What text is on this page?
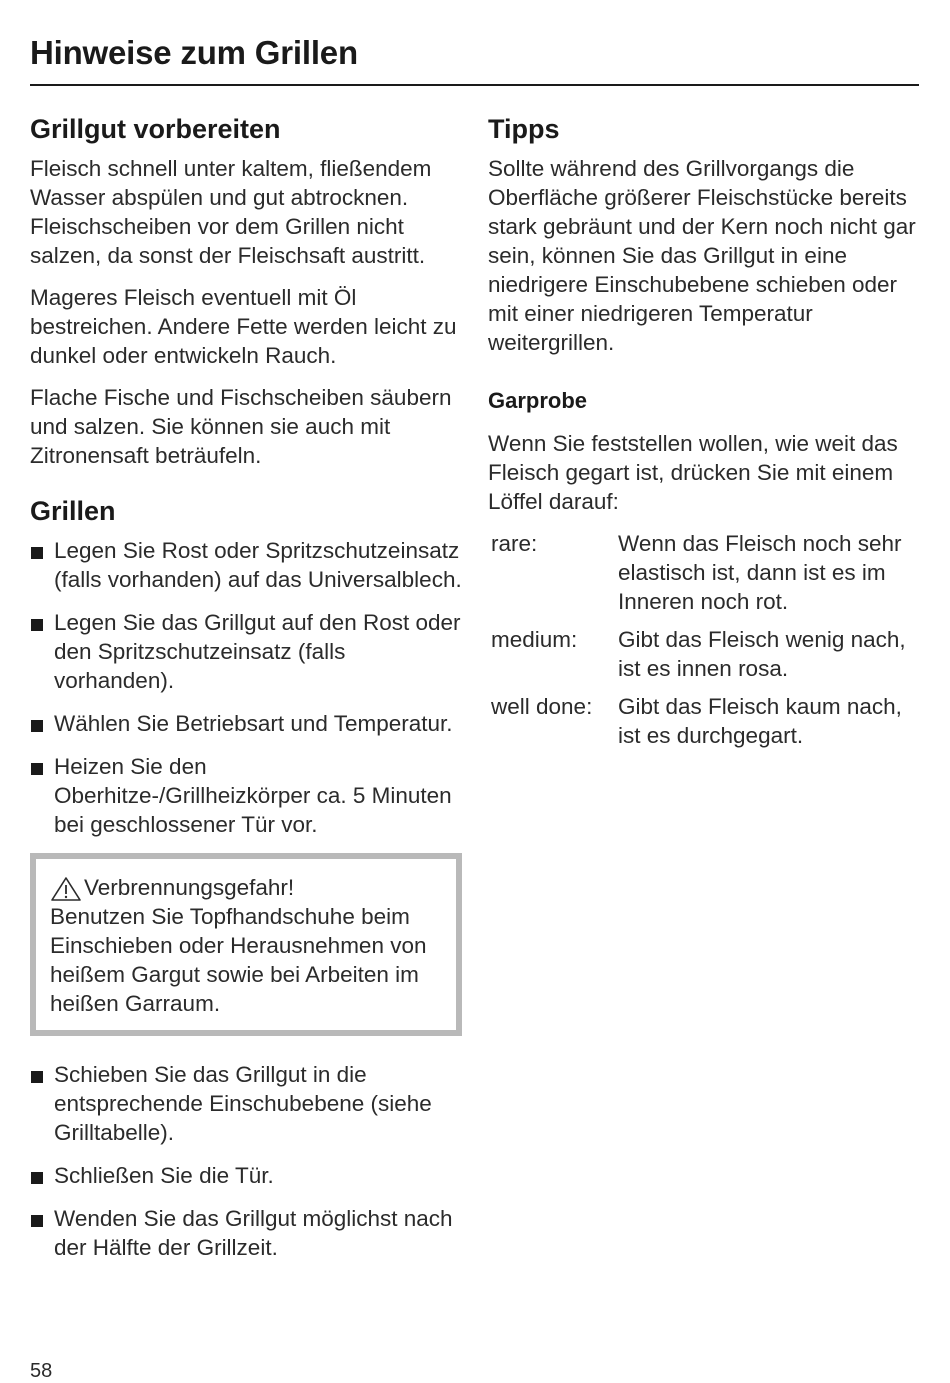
Hinweise zum Grillen
Grillgut vorbereiten

Fleisch schnell unter kaltem, fließendem Wasser abspülen und gut abtrocknen. Fleischscheiben vor dem Grillen nicht salzen, da sonst der Fleischsaft austritt.

Mageres Fleisch eventuell mit Öl bestreichen. Andere Fette werden leicht zu dunkel oder entwickeln Rauch.

Flache Fische und Fischscheiben säubern und salzen. Sie können sie auch mit Zitronensaft beträufeln.

Grillen
Legen Sie Rost oder Spritzschutzeinsatz (falls vorhanden) auf das Universalblech.
Legen Sie das Grillgut auf den Rost oder den Spritzschutzeinsatz (falls vorhanden).
Wählen Sie Betriebsart und Temperatur.
Heizen Sie den Oberhitze-/Grillheizkörper ca. 5 Minuten bei geschlossener Tür vor.
Verbrennungsgefahr!
Benutzen Sie Topfhandschuhe beim Einschieben oder Herausnehmen von heißem Gargut sowie bei Arbeiten im heißen Garraum.
Schieben Sie das Grillgut in die entsprechende Einschubebene (siehe Grilltabelle).
Schließen Sie die Tür.
Wenden Sie das Grillgut möglichst nach der Hälfte der Grillzeit.
Tipps

Sollte während des Grillvorgangs die Oberfläche größerer Fleischstücke bereits stark gebräunt und der Kern noch nicht gar sein, können Sie das Grillgut in eine niedrigere Einschubebene schieben oder mit einer niedrigeren Temperatur weitergrillen.

Garprobe

Wenn Sie feststellen wollen, wie weit das Fleisch gegart ist, drücken Sie mit einem Löffel darauf:

rare:	Wenn das Fleisch noch sehr elastisch ist, dann ist es im Inneren noch rot.
medium:	Gibt das Fleisch wenig nach, ist es innen rosa.
well done:	Gibt das Fleisch kaum nach, ist es durchgegart.
58
